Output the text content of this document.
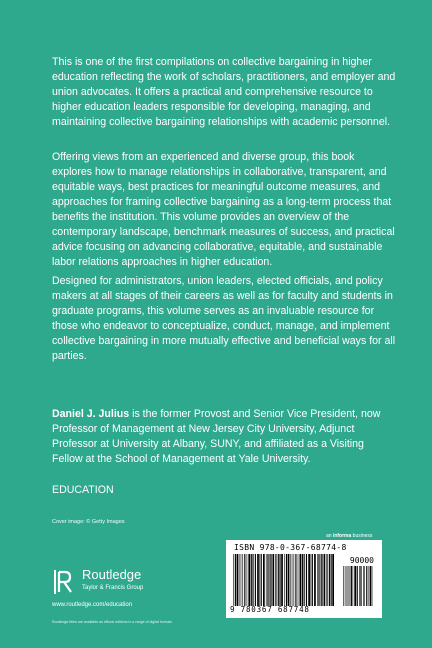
This is one of the first compilations on collective bargaining in higher education reflecting the work of scholars, practitioners, and employer and union advocates. It offers a practical and comprehensive resource to higher education leaders responsible for developing, managing, and maintaining collective bargaining relationships with academic personnel.

Offering views from an experienced and diverse group, this book explores how to manage relationships in collaborative, transparent, and equitable ways, best practices for meaningful outcome measures, and approaches for framing collective bargaining as a long-term process that benefits the institution. This volume provides an overview of the contemporary landscape, benchmark measures of success, and practical advice focusing on advancing collaborative, equitable, and sustainable labor relations approaches in higher education.

Designed for administrators, union leaders, elected officials, and policy makers at all stages of their careers as well as for faculty and students in graduate programs, this volume serves as an invaluable resource for those who endeavor to conceptualize, conduct, manage, and implement collective bargaining in more mutually effective and beneficial ways for all parties.

Daniel J. Julius is the former Provost and Senior Vice President, now Professor of Management at New Jersey City University, Adjunct Professor at University at Albany, SUNY, and affiliated as a Visiting Fellow at the School of Management at Yale University.

EDUCATION

Cover image: © Getty Images

Routledge

Taylor & Francis Group

www.routledge.com/education

Routledge titles are available as eBook editions in a range of digital formats

an informa business

ISBN 978-0-367-68774-8

90000

9 780367 687748
